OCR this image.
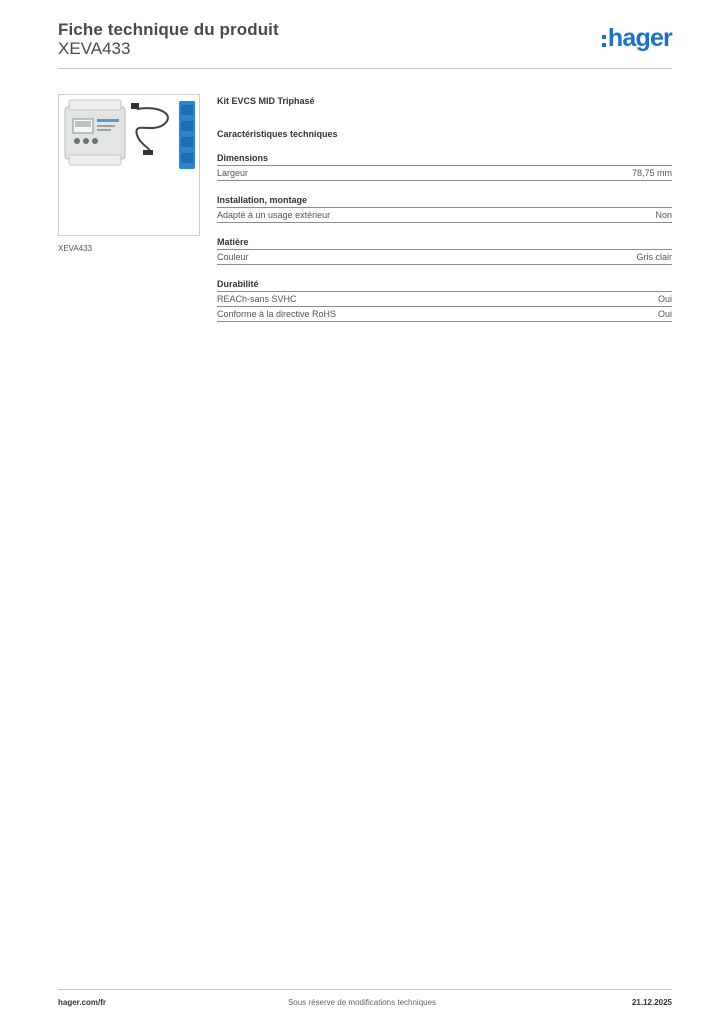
Fiche technique du produit
XEVA433	hager
XEVA433
Kit EVCS MID Triphasé
Caractéristiques techniques
Dimensions
Largeur	78,75 mm
Installation, montage
Adapté à un usage extérieur	Non
Matière
Couleur	Gris clair
Durabilité
REACh-sans SVHC	Oui
Conforme à la directive RoHS	Oui
hager.com/fr	Sous réserve de modifications techniques	21.12.2025
